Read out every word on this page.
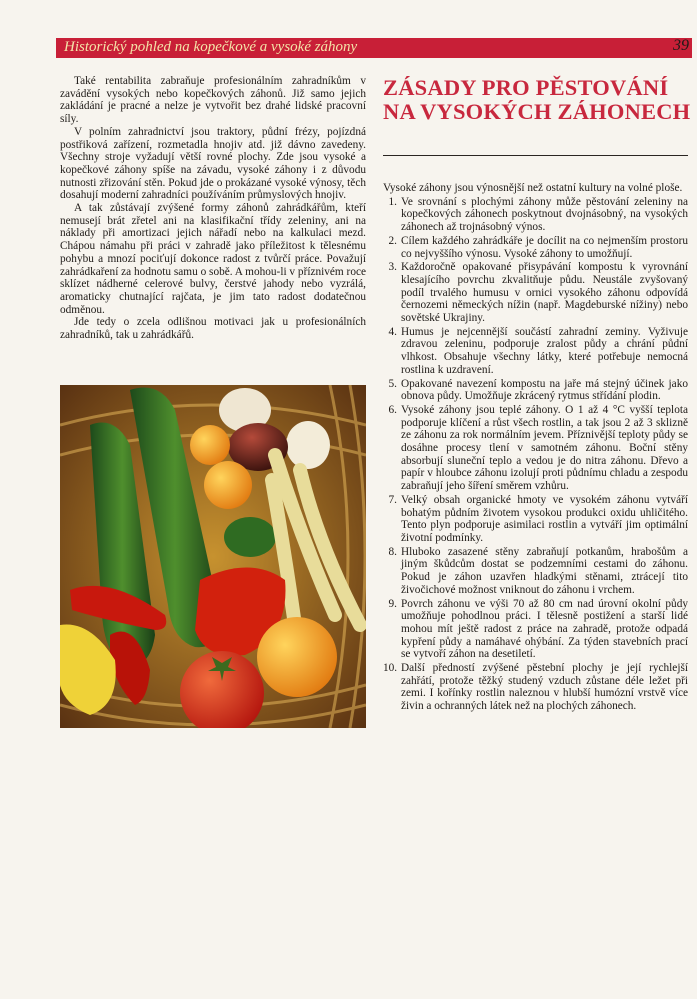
Historický pohled na kopečkové a vysoké záhony	39

Také rentabilita zabraňuje profesionálním zahradníkům v zavádění vysokých nebo kopečkových záhonů. Již samo jejich zakládání je pracné a nelze je vytvořit bez drahé lidské pracovní síly.

V polním zahradnictví jsou traktory, půdní frézy, pojízdná postřiková zařízení, rozmetadla hnojiv atd. již dávno zavedeny. Všechny stroje vyžadují větší rovné plochy. Zde jsou vysoké a kopečkové záhony spíše na závadu, vysoké záhony i z důvodu nutnosti zřizování stěn. Pokud jde o prokázané vysoké výnosy, těch dosahují moderní zahradníci používáním průmyslových hnojiv.

A tak zůstávají zvýšené formy záhonů zahrádkářům, kteří nemusejí brát zřetel ani na klasifikační třídy zeleniny, ani na náklady při amortizaci jejich nářadí nebo na kalkulaci mezd. Chápou námahu při práci v zahradě jako příležitost k tělesnému pohybu a mnozí pociťují dokonce radost z tvůrčí práce. Považují zahrádkaření za hodnotu samu o sobě. A mohou-li v příznivém roce sklízet nádherné celerové bulvy, čerstvé jahody nebo vyzrálá, aromaticky chutnající rajčata, je jim tato radost dodatečnou odměnou.

Jde tedy o zcela odlišnou motivaci jak u profesionálních zahradníků, tak u zahrádkářů.

ZÁSADY PRO PĚSTOVÁNÍ
NA VYSOKÝCH ZÁHONECH

Vysoké záhony jsou výnosnější než ostatní kultury na volné ploše.

1. Ve srovnání s plochými záhony může pěstování zeleniny na kopečkových záhonech poskytnout dvojnásobný, na vysokých záhonech až trojnásobný výnos.
2. Cílem každého zahrádkáře je docílit na co nejmenším prostoru co nejvyššího výnosu. Vysoké záhony to umožňují.
3. Každoročně opakované přisypávání kompostu k vyrovnání klesajícího povrchu zkvalitňuje půdu. Neustále zvyšovaný podíl trvalého humusu v ornici vysokého záhonu odpovídá černozemi německých nížin (např. Magdeburské nížiny) nebo sovětské Ukrajiny.
4. Humus je nejcennější součástí zahradní zeminy. Vyživuje zdravou zeleninu, podporuje zralost půdy a chrání půdní vlhkost. Obsahuje všechny látky, které potřebuje nemocná rostlina k uzdravení.
5. Opakované navezení kompostu na jaře má stejný účinek jako obnova půdy. Umožňuje zkrácený rytmus střídání plodin.
6. Vysoké záhony jsou teplé záhony. O 1 až 4 °C vyšší teplota podporuje klíčení a růst všech rostlin, a tak jsou 2 až 3 sklizně ze záhonu za rok normálním jevem. Příznivější teploty půdy se dosáhne procesy tlení v samotném záhonu. Boční stěny absorbují sluneční teplo a vedou je do nitra záhonu. Dřevo a papír v hloubce záhonu izolují proti půdnímu chladu a zespodu zabraňují jeho šíření směrem vzhůru.
7. Velký obsah organické hmoty ve vysokém záhonu vytváří bohatým půdním životem vysokou produkci oxidu uhličitého. Tento plyn podporuje asimilaci rostlin a vytváří jim optimální životní podmínky.
8. Hluboko zasazené stěny zabraňují potkanům, hrabošům a jiným škůdcům dostat se podzemními cestami do záhonu. Pokud je záhon uzavřen hladkými stěnami, ztrácejí tito živočichové možnost vniknout do záhonu i vrchem.
9. Povrch záhonu ve výši 70 až 80 cm nad úrovní okolní půdy umožňuje pohodlnou práci. I tělesně postižení a starší lidé mohou mít ještě radost z práce na zahradě, protože odpadá kypření půdy a namáhavé ohýbání. Za týden stavebních prací se vytvoří záhon na desetiletí.
10. Další předností zvýšené pěstební plochy je její rychlejší zahřátí, protože těžký studený vzduch zůstane déle ležet při zemi. I kořínky rostlin naleznou v hlubší humózní vrstvě více živin a ochranných látek než na plochých záhonech.
